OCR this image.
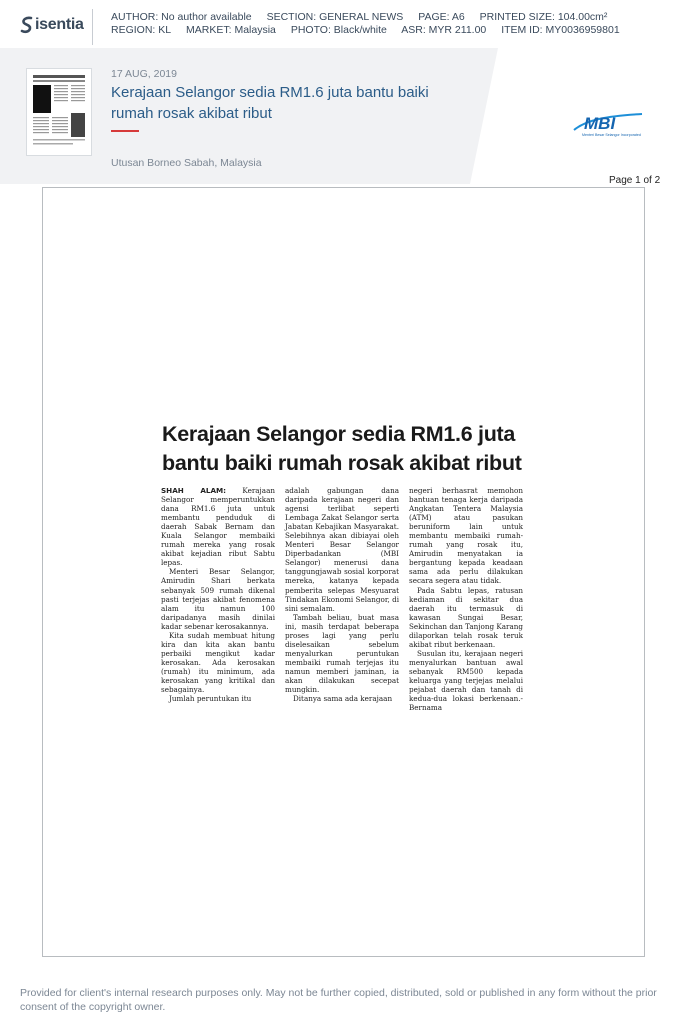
isentia	AUTHOR: No author available SECTION: GENERAL NEWS PAGE: A6 PRINTED SIZE: 104.00cm²
REGION: KL MARKET: Malaysia PHOTO: Black/white ASR: MYR 211.00 ITEM ID: MY0036959801
17 AUG, 2019
Kerajaan Selangor sedia RM1.6 juta bantu baiki rumah rosak akibat ribut
Utusan Borneo Sabah, Malaysia
MBI
Menteri Besar Selangor Incorporated
Page 1 of 2
Kerajaan Selangor sedia RM1.6 juta bantu baiki rumah rosak akibat ribut

SHAH ALAM: Kerajaan Selangor memperuntukkan dana RM1.6 juta untuk membantu penduduk di daerah Sabak Bernam dan Kuala Selangor membaiki rumah mereka yang rosak akibat kejadian ribut Sabtu lepas.

Menteri Besar Selangor, Amirudin Shari berkata sebanyak 509 rumah dikenal pasti terjejas akibat fenomena alam itu namun 100 daripadanya masih dinilai kadar sebenar kerosakannya.

Kita sudah membuat hitung kira dan kita akan bantu perbaiki mengikut kadar kerosakan. Ada kerosakan (rumah) itu minimum, ada kerosakan yang kritikal dan sebagainya.

Jumlah peruntukan itu

adalah gabungan dana daripada kerajaan negeri dan agensi terlibat seperti Lembaga Zakat Selangor serta Jabatan Kebajikan Masyarakat. Selebihnya akan dibiayai oleh Menteri Besar Selangor Diperbadankan (MBI Selangor) menerusi dana tanggungjawab sosial korporat mereka, katanya kepada pemberita selepas Mesyuarat Tindakan Ekonomi Selangor, di sini semalam.

Tambah beliau, buat masa ini, masih terdapat beberapa proses lagi yang perlu diselesaikan sebelum menyalurkan peruntukan membaiki rumah terjejas itu namun memberi jaminan, ia akan dilakukan secepat mungkin.

Ditanya sama ada kerajaan

negeri berhasrat memohon bantuan tenaga kerja daripada Angkatan Tentera Malaysia (ATM) atau pasukan beruniform lain untuk membantu membaiki rumah-rumah yang rosak itu, Amirudin menyatakan ia bergantung kepada keadaan sama ada perlu dilakukan secara segera atau tidak.

Pada Sabtu lepas, ratusan kediaman di sekitar dua daerah itu termasuk di kawasan Sungai Besar, Sekinchan dan Tanjong Karang dilaporkan telah rosak teruk akibat ribut berkenaan.

Susulan itu, kerajaan negeri menyalurkan bantuan awal sebanyak RM500 kepada keluarga yang terjejas melalui pejabat daerah dan tanah di kedua-dua lokasi berkenaan.-Bernama

Provided for client's internal research purposes only. May not be further copied, distributed, sold or published in any form without the prior consent of the copyright owner.
